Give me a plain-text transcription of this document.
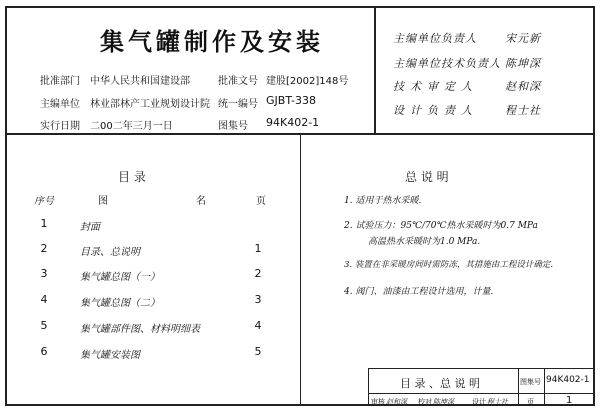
集气罐制作及安装
批准部门 中华人民共和国建设部	批准文号 建股[2002]148号
主编单位 林业部林产工业规划设计院 统一编号 GJBT-338
实行日期 二00二年三月一日	图集号 94K402-1
主编单位负责人	宋元新
主编单位技术负责人 陈坤深
技术审定人 赵和深
设计负责人 程士社
目 录
序号	图	名	页
1	封面
2	目录、总说明	1
3	集气罐总图（一）	2
4	集气罐总图（二）	3
5	集气罐部件图、材料明细表	4
6	集气罐安装图	5
总 说 明
1. 适用于热水采暖.
2. 试验压力：95℃/70℃热水采暖时为0.7 MPa
高温热水采暖时为1.0 MPa.
3. 装置在非采暖房间时需防冻，其措施由工程设计确定.
4. 阀门、油漆由工程设计选用，计量.
目 录 、总 说 明	图集号 94K402-1
审核 赵和深 校对 陈坤深	设计 程士社	页	1
